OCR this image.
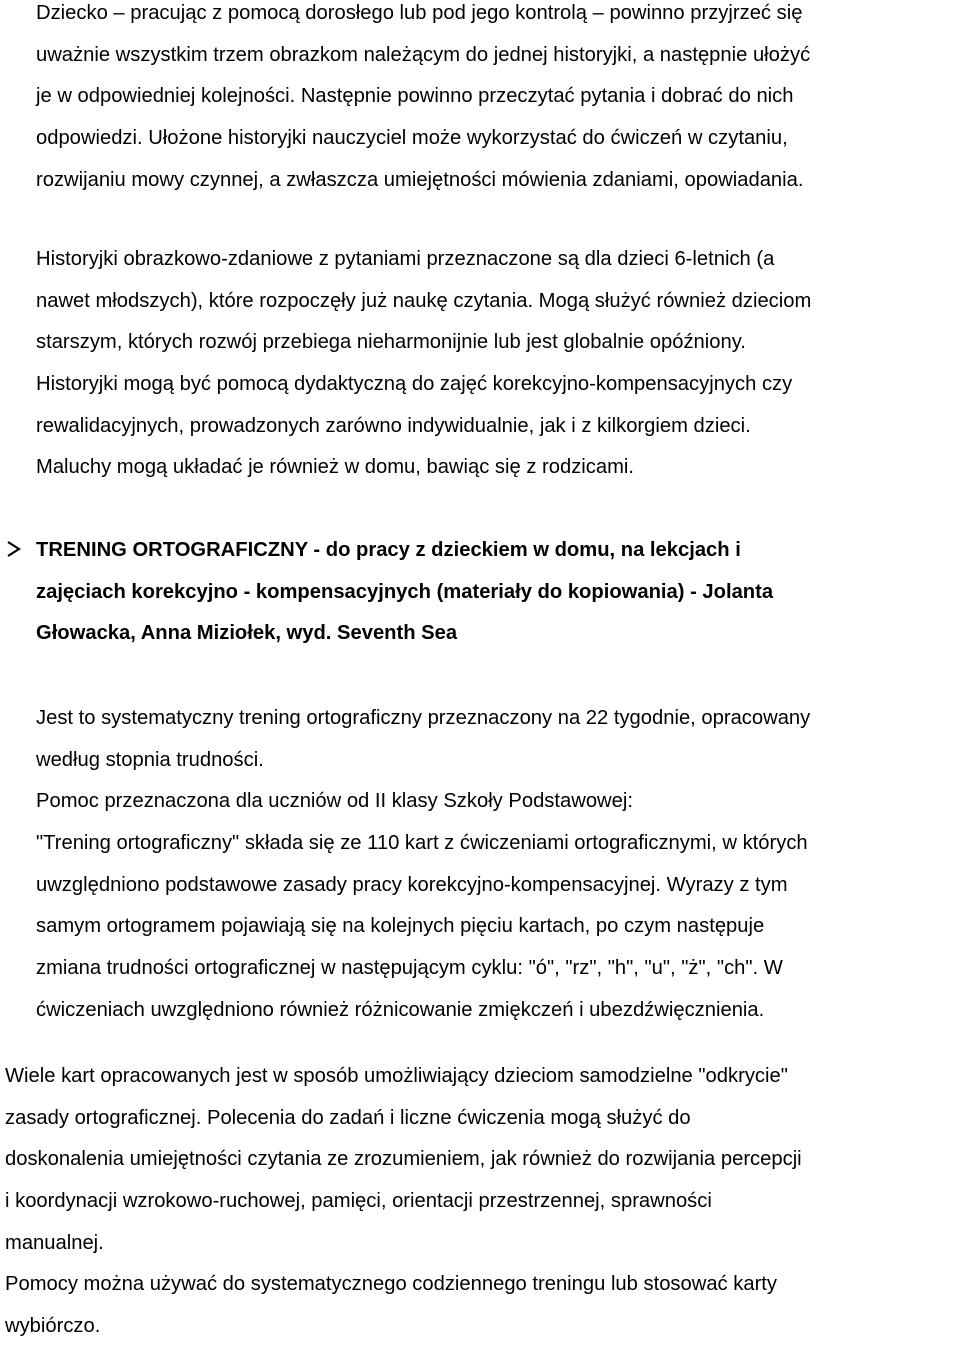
Dziecko – pracując z pomocą dorosłego lub pod jego kontrolą – powinno przyjrzeć się
uważnie wszystkim trzem obrazkom należącym do jednej historyjki, a następnie ułożyć
je w odpowiedniej kolejności. Następnie powinno przeczytać pytania i dobrać do nich
odpowiedzi. Ułożone historyjki nauczyciel może wykorzystać do ćwiczeń w czytaniu,
rozwijaniu mowy czynnej, a zwłaszcza umiejętności mówienia zdaniami, opowiadania.
Historyjki obrazkowo-zdaniowe z pytaniami przeznaczone są dla dzieci 6-letnich (a
nawet młodszych), które rozpoczęły już naukę czytania. Mogą służyć również dzieciom
starszym, których rozwój przebiega nieharmonijnie lub jest globalnie opóźniony.
Historyjki mogą być pomocą dydaktyczną do zajęć korekcyjno-kompensacyjnych czy
rewalidacyjnych, prowadzonych zarówno indywidualnie, jak i z kilkorgiem dzieci.
Maluchy mogą układać je również w domu, bawiąc się z rodzicami.
TRENING ORTOGRAFICZNY - do pracy z dzieckiem w domu, na lekcjach i
zajęciach korekcyjno - kompensacyjnych (materiały do kopiowania) - Jolanta
Głowacka, Anna Miziołek, wyd. Seventh Sea
Jest to systematyczny trening ortograficzny przeznaczony na 22 tygodnie, opracowany
według stopnia trudności.
Pomoc przeznaczona dla uczniów od II klasy Szkoły Podstawowej:
"Trening ortograficzny" składa się ze 110 kart z ćwiczeniami ortograficznymi, w których
uwzględniono podstawowe zasady pracy korekcyjno-kompensacyjnej. Wyrazy z tym
samym ortogramem pojawiają się na kolejnych pięciu kartach, po czym następuje
zmiana trudności ortograficznej w następującym cyklu: "ó", "rz", "h", "u", "ż", "ch". W
ćwiczeniach uwzględniono również różnicowanie zmiękczeń i ubezdźwięcznienia.
Wiele kart opracowanych jest w sposób umożliwiający dzieciom samodzielne "odkrycie"
zasady ortograficznej. Polecenia do zadań i liczne ćwiczenia mogą służyć do
doskonalenia umiejętności czytania ze zrozumieniem, jak również do rozwijania percepcji
i koordynacji wzrokowo-ruchowej, pamięci, orientacji przestrzennej, sprawności
manualnej.
Pomocy można używać do systematycznego codziennego treningu lub stosować karty
wybiórczo.
